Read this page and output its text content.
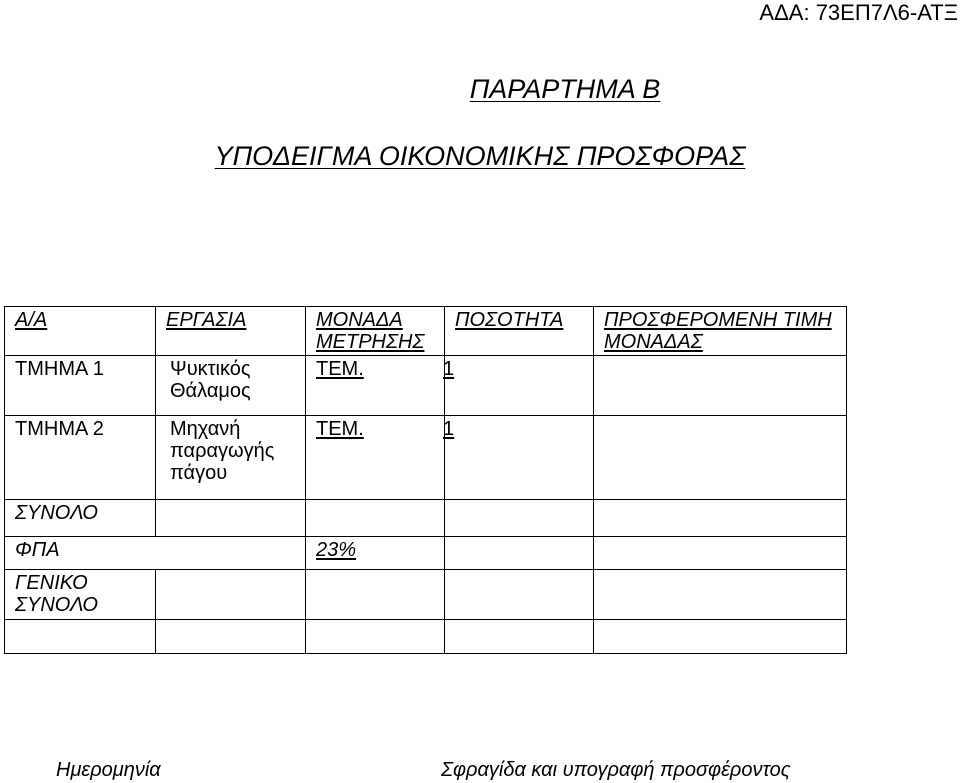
ΑΔΑ: 73ΕΠ7Λ6-ΑΤΞ
ΠΑΡΑΡΤΗΜΑ Β
ΥΠΟΔΕΙΓΜΑ ΟΙΚΟΝΟΜΙΚΗΣ ΠΡΟΣΦΟΡΑΣ
Α/Α	ΕΡΓΑΣΙΑ	ΜΟΝΑΔΑ ΜΕΤΡΗΣΗΣ	ΠΟΣΟΤΗΤΑ	ΠΡΟΣΦΕΡΟΜΕΝΗ ΤΙΜΗ ΜΟΝΑΔΑΣ
ΤΜΗΜΑ 1	Ψυκτικός Θάλαμος	ΤΕΜ.	1	
ΤΜΗΜΑ 2	Μηχανή παραγωγής πάγου	ΤΕΜ.	1	
ΣΥΝΟΛΟ				
ΦΠΑ		23%		
ΓΕΝΙΚΟ ΣΥΝΟΛΟ				

Ημερομηνία	Σφραγίδα και υπογραφή προσφέροντος
